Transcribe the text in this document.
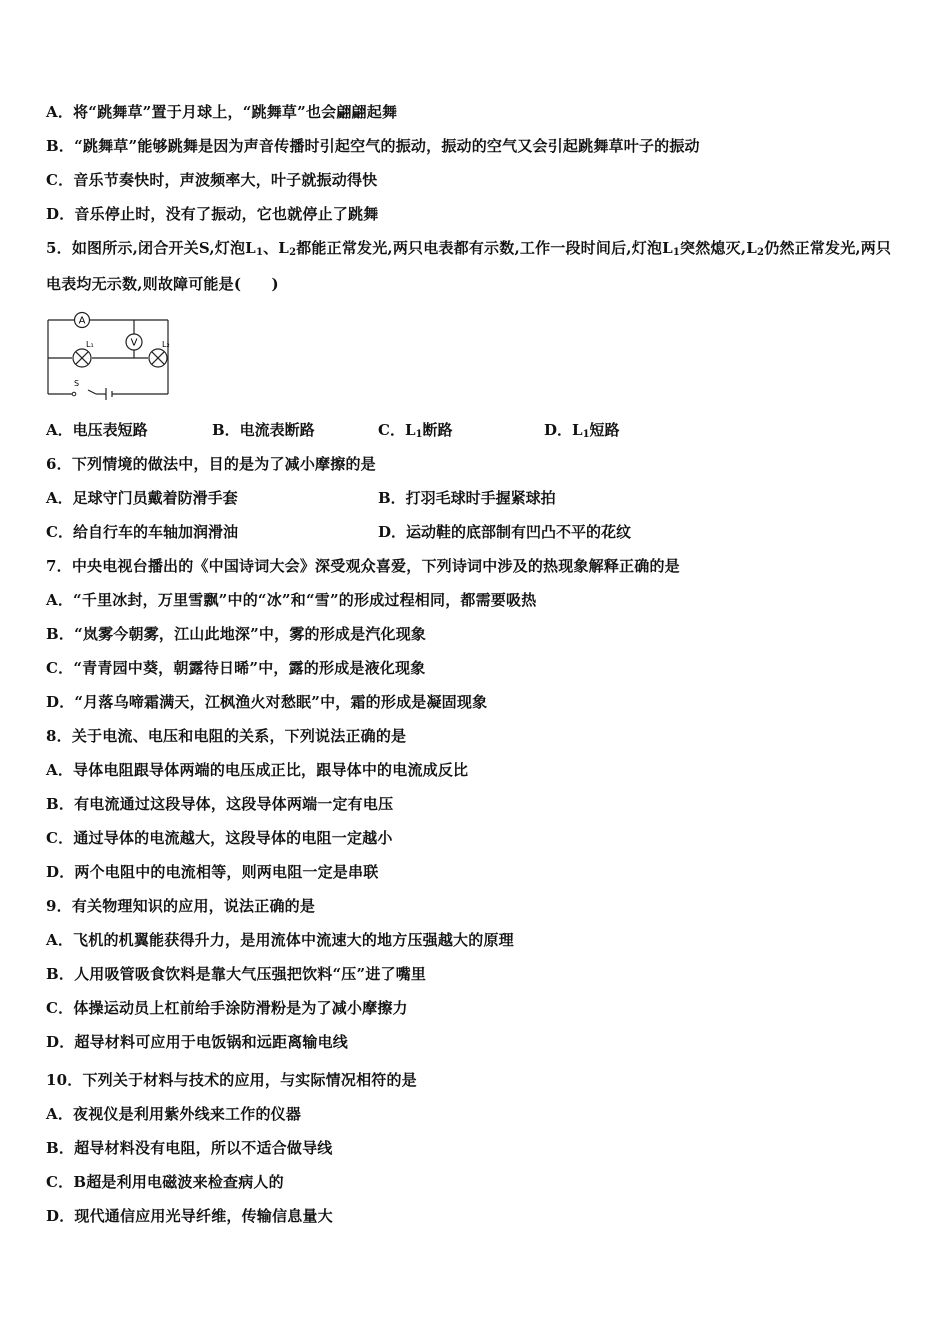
A．将“跳舞草”置于月球上，“跳舞草”也会翩翩起舞
B．“跳舞草”能够跳舞是因为声音传播时引起空气的振动，振动的空气又会引起跳舞草叶子的振动
C．音乐节奏快时，声波频率大，叶子就振动得快
D．音乐停止时，没有了振动，它也就停止了跳舞
5．如图所示,闭合开关S,灯泡$L_1$、$L_2$都能正常发光,两只电表都有示数,工作一段时间后,灯泡$L_1$突然熄灭$,L_2$仍然正常发光,两只电表均无示数,则故障可能是(　　)
A
V
L₁	L₂
S
A．电压表短路	B．电流表断路	C．$L_1$断路	D．$L_1$短路
6．下列情境的做法中，目的是为了减小摩擦的是
A．足球守门员戴着防滑手套	B．打羽毛球时手握紧球拍
C．给自行车的车轴加润滑油	D．运动鞋的底部制有凹凸不平的花纹
7．中央电视台播出的《中国诗词大会》深受观众喜爱，下列诗词中涉及的热现象解释正确的是
A．“千里冰封，万里雪飘”中的“冰”和“雪”的形成过程相同，都需要吸热
B．“岚雾今朝雾，江山此地深”中，雾的形成是汽化现象
C．“青青园中葵，朝露待日晞”中，露的形成是液化现象
D．“月落乌啼霜满天，江枫渔火对愁眠”中，霜的形成是凝固现象
8．关于电流、电压和电阻的关系，下列说法正确的是
A．导体电阻跟导体两端的电压成正比，跟导体中的电流成反比
B．有电流通过这段导体，这段导体两端一定有电压
C．通过导体的电流越大，这段导体的电阻一定越小
D．两个电阻中的电流相等，则两电阻一定是串联
9．有关物理知识的应用，说法正确的是
A．飞机的机翼能获得升力，是用流体中流速大的地方压强越大的原理
B．人用吸管吸食饮料是靠大气压强把饮料“压”进了嘴里
C．体操运动员上杠前给手涂防滑粉是为了减小摩擦力
D．超导材料可应用于电饭锅和远距离输电线
10．下列关于材料与技术的应用，与实际情况相符的是
A．夜视仪是利用紫外线来工作的仪器
B．超导材料没有电阻，所以不适合做导线
C．B超是利用电磁波来检查病人的
D．现代通信应用光导纤维，传输信息量大
